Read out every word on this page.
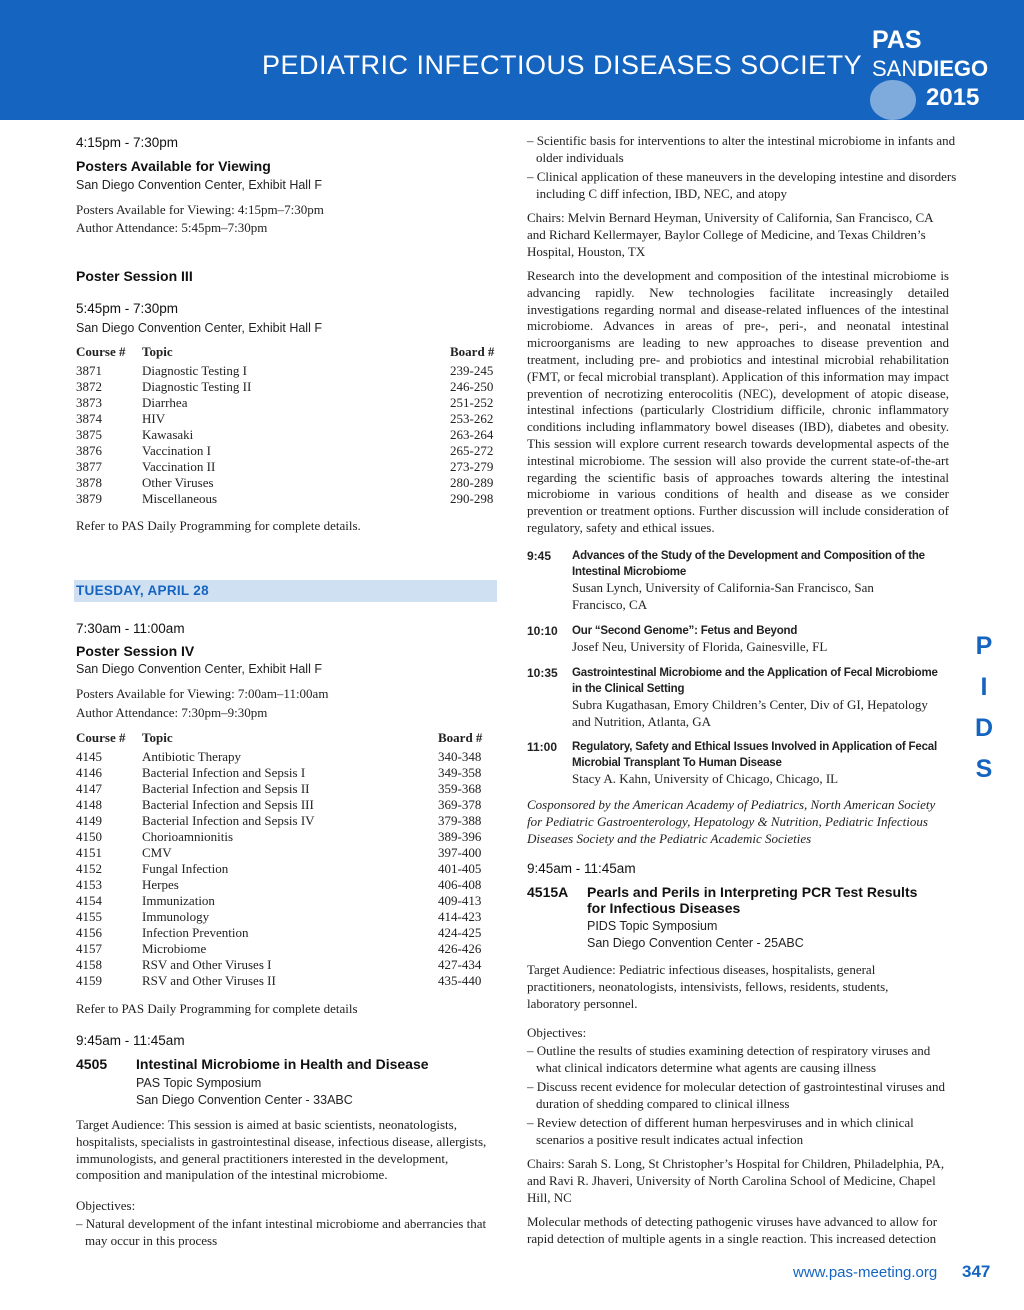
PEDIATRIC INFECTIOUS DISEASES SOCIETY
PAS
SANDIEGO
2015
4:15pm - 7:30pm
Posters Available for Viewing
San Diego Convention Center, Exhibit Hall F
Posters Available for Viewing: 4:15pm–7:30pm
Author Attendance: 5:45pm–7:30pm
Poster Session III
5:45pm - 7:30pm
San Diego Convention Center, Exhibit Hall F
Course #	Topic	Board #
3871	Diagnostic Testing I	239-245
3872	Diagnostic Testing II	246-250
3873	Diarrhea	251-252
3874	HIV	253-262
3875	Kawasaki	263-264
3876	Vaccination I	265-272
3877	Vaccination II	273-279
3878	Other Viruses	280-289
3879	Miscellaneous	290-298
Refer to PAS Daily Programming for complete details.
TUESDAY, APRIL 28
7:30am - 11:00am
Poster Session IV
San Diego Convention Center, Exhibit Hall F
Posters Available for Viewing: 7:00am–11:00am
Author Attendance: 7:30pm–9:30pm
Course #	Topic	Board #
4145	Antibiotic Therapy	340-348
4146	Bacterial Infection and Sepsis I	349-358
4147	Bacterial Infection and Sepsis II	359-368
4148	Bacterial Infection and Sepsis III	369-378
4149	Bacterial Infection and Sepsis IV	379-388
4150	Chorioamnionitis	389-396
4151	CMV	397-400
4152	Fungal Infection	401-405
4153	Herpes	406-408
4154	Immunization	409-413
4155	Immunology	414-423
4156	Infection Prevention	424-425
4157	Microbiome	426-426
4158	RSV and Other Viruses I	427-434
4159	RSV and Other Viruses II	435-440
Refer to PAS Daily Programming for complete details
9:45am - 11:45am
4505 Intestinal Microbiome in Health and Disease
PAS Topic Symposium
San Diego Convention Center - 33ABC
Target Audience: This session is aimed at basic scientists, neonatologists, hospitalists, specialists in gastrointestinal disease, infectious disease, allergists, immunologists, and general practitioners interested in the development, composition and manipulation of the intestinal microbiome.
Objectives:
– Natural development of the infant intestinal microbiome and aberrancies that may occur in this process
– Scientific basis for interventions to alter the intestinal microbiome in infants and older individuals
– Clinical application of these maneuvers in the developing intestine and disorders including C diff infection, IBD, NEC, and atopy
Chairs: Melvin Bernard Heyman, University of California, San Francisco, CA and Richard Kellermayer, Baylor College of Medicine, and Texas Children’s Hospital, Houston, TX
Research into the development and composition of the intestinal microbiome is advancing rapidly. New technologies facilitate increasingly detailed investigations regarding normal and disease-related influences of the intestinal microbiome. Advances in areas of pre-, peri-, and neonatal intestinal microorganisms are leading to new approaches to disease prevention and treatment, including pre- and probiotics and intestinal microbial rehabilitation (FMT, or fecal microbial transplant). Application of this information may impact prevention of necrotizing enterocolitis (NEC), development of atopic disease, intestinal infections (particularly Clostridium difficile, chronic inflammatory conditions including inflammatory bowel diseases (IBD), diabetes and obesity. This session will explore current research towards developmental aspects of the intestinal microbiome. The session will also provide the current state-of-the-art regarding the scientific basis of approaches towards altering the intestinal microbiome in various conditions of health and disease as we consider prevention or treatment options. Further discussion will include consideration of regulatory, safety and ethical issues.
9:45 Advances of the Study of the Development and Composition of the Intestinal Microbiome
Susan Lynch, University of California-San Francisco, San Francisco, CA
10:10 Our “Second Genome”: Fetus and Beyond
Josef Neu, University of Florida, Gainesville, FL
10:35 Gastrointestinal Microbiome and the Application of Fecal Microbiome in the Clinical Setting
Subra Kugathasan, Emory Children’s Center, Div of GI, Hepatology and Nutrition, Atlanta, GA
11:00 Regulatory, Safety and Ethical Issues Involved in Application of Fecal Microbial Transplant To Human Disease
Stacy A. Kahn, University of Chicago, Chicago, IL
Cosponsored by the American Academy of Pediatrics, North American Society for Pediatric Gastroenterology, Hepatology & Nutrition, Pediatric Infectious Diseases Society and the Pediatric Academic Societies
9:45am - 11:45am
4515A Pearls and Perils in Interpreting PCR Test Results
for Infectious Diseases
PIDS Topic Symposium
San Diego Convention Center - 25ABC
Target Audience: Pediatric infectious diseases, hospitalists, general practitioners, neonatologists, intensivists, fellows, residents, students, laboratory personnel.
Objectives:
– Outline the results of studies examining detection of respiratory viruses and what clinical indicators determine what agents are causing illness
– Discuss recent evidence for molecular detection of gastrointestinal viruses and duration of shedding compared to clinical illness
– Review detection of different human herpesviruses and in which clinical scenarios a positive result indicates actual infection
Chairs: Sarah S. Long, St Christopher’s Hospital for Children, Philadelphia, PA, and Ravi R. Jhaveri, University of North Carolina School of Medicine, Chapel Hill, NC
Molecular methods of detecting pathogenic viruses have advanced to allow for rapid detection of multiple agents in a single reaction. This increased detection
P
I
D
S
www.pas-meeting.org 347
